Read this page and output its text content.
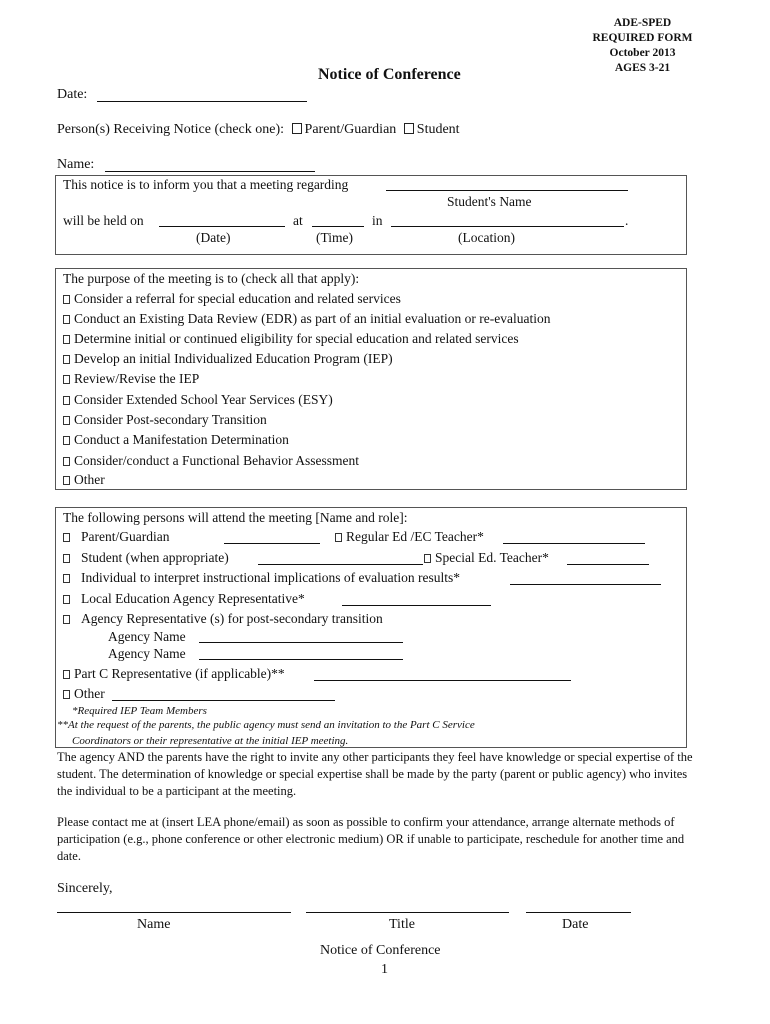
ADE-SPED
REQUIRED FORM
October 2013
AGES 3-21
Notice of Conference
Date:
Person(s) Receiving Notice (check one): Parent/Guardian Student
Name:
This notice is to inform you that a meeting regarding
Student's Name
will be held on	at	in	.
(Date)	(Time)	(Location)
The purpose of the meeting is to (check all that apply):
Consider a referral for special education and related services
Conduct an Existing Data Review (EDR) as part of an initial evaluation or re-evaluation
Determine initial or continued eligibility for special education and related services
Develop an initial Individualized Education Program (IEP)
Review/Revise the IEP
Consider Extended School Year Services (ESY)
Consider Post-secondary Transition
Conduct a Manifestation Determination
Consider/conduct a Functional Behavior Assessment
Other
The following persons will attend the meeting [Name and role]:
Parent/Guardian	Regular Ed /EC Teacher*
Student (when appropriate)	Special Ed. Teacher*
Individual to interpret instructional implications of evaluation results*
Local Education Agency Representative*
Agency Representative (s) for post-secondary transition
Agency Name
Agency Name
Part C Representative (if applicable)**
Other
*Required IEP Team Members
**At the request of the parents, the public agency must send an invitation to the Part C Service
Coordinators or their representative at the initial IEP meeting.
The agency AND the parents have the right to invite any other participants they feel have knowledge or special expertise of the student. The determination of knowledge or special expertise shall be made by the party (parent or public agency) who invites the individual to be a participant at the meeting.
Please contact me at (insert LEA phone/email) as soon as possible to confirm your attendance, arrange alternate methods of participation (e.g., phone conference or other electronic medium) OR if unable to participate, reschedule for another time and date.
Sincerely,
Name	Title	Date
Notice of Conference
1
